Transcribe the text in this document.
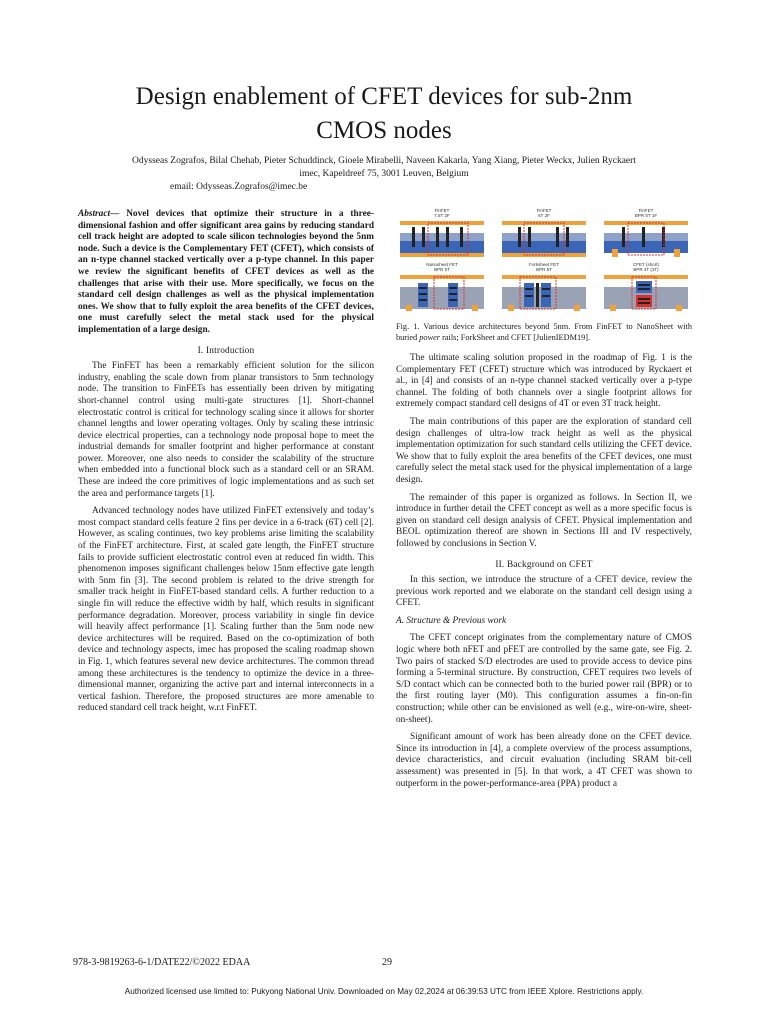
Design enablement of CFET devices for sub-2nm
CMOS nodes
Odysseas Zografos, Bilal Chehab, Pieter Schuddinck, Gioele Mirabelli, Naveen Kakarla, Yang Xiang, Pieter Weckx, Julien Ryckaert
imec, Kapeldreef 75, 3001 Leuven, Belgium
email: Odysseas.Zografos@imec.be
Abstract— Novel devices that optimize their structure in a three-dimensional fashion and offer significant area gains by reducing standard cell track height are adopted to scale silicon technologies beyond the 5nm node. Such a device is the Complementary FET (CFET), which consists of an n-type channel stacked vertically over a p-type channel. In this paper we review the significant benefits of CFET devices as well as the challenges that arise with their use. More specifically, we focus on the standard cell design challenges as well as the physical implementation ones. We show that to fully exploit the area benefits of the CFET devices, one must carefully select the metal stack used for the physical implementation of a large design.
I. Introduction

The FinFET has been a remarkably efficient solution for the silicon industry, enabling the scale down from planar transistors to 5nm technology node. The transition to FinFETs has essentially been driven by mitigating short-channel control using multi-gate structures [1]. Short-channel electrostatic control is critical for technology scaling since it allows for shorter channel lengths and lower operating voltages. Only by scaling these intrinsic device electrical properties, can a technology node proposal hope to meet the industrial demands for smaller footprint and higher performance at constant power. Moreover, one also needs to consider the scalability of the structure when embedded into a functional block such as a standard cell or an SRAM. These are indeed the core primitives of logic implementations and as such set the area and performance targets [1].

Advanced technology nodes have utilized FinFET extensively and today’s most compact standard cells feature 2 fins per device in a 6-track (6T) cell [2]. However, as scaling continues, two key problems arise limiting the scalability of the FinFET architecture. First, at scaled gate length, the FinFET structure fails to provide sufficient electrostatic control even at reduced fin width. This phenomenon imposes significant challenges below 15nm effective gate length with 5nm fin [3]. The second problem is related to the drive strength for smaller track height in FinFET-based standard cells. A further reduction to a single fin will reduce the effective width by half, which results in significant performance degradation. Moreover, process variability in single fin device will heavily affect performance [1]. Scaling further than the 5nm node new device architectures will be required. Based on the co-optimization of both device and technology aspects, imec has proposed the scaling roadmap shown in Fig. 1, which features several new device architectures. The common thread among these architectures is the tendency to optimize the device in a three-dimensional manner, organizing the active part and internal interconnects in a vertical fashion. Therefore, the proposed structures are more amenable to reduced standard cell track height, w.r.t FinFET.

FinFET
7.5T 2F
FinFET
6T 2F
FinFET
BPR 5T 1F
Nanosheet FET
BPR 5T
Forksheet FET
BPR 5T
CFET (short)
BPR 4T (3T)
Fig. 1. Various device architectures beyond 5nm. From FinFET to NanoSheet with buried power rails; ForkSheet and CFET [JulienIEDM19].

The ultimate scaling solution proposed in the roadmap of Fig. 1 is the Complementary FET (CFET) structure which was introduced by Ryckaert et al., in [4] and consists of an n-type channel stacked vertically over a p-type channel. The folding of both channels over a single footprint allows for extremely compact standard cell designs of 4T or even 3T track height.

The main contributions of this paper are the exploration of standard cell design challenges of ultra-low track height as well as the physical implementation optimization for such standard cells utilizing the CFET device. We show that to fully exploit the area benefits of the CFET devices, one must carefully select the metal stack used for the physical implementation of a large design.

The remainder of this paper is organized as follows. In Section II, we introduce in further detail the CFET concept as well as a more specific focus is given on standard cell design analysis of CFET. Physical implementation and BEOL optimization thereof are shown in Sections III and IV respectively, followed by conclusions in Section V.

II. Background on CFET

In this section, we introduce the structure of a CFET device, review the previous work reported and we elaborate on the standard cell design using a CFET.

A. Structure & Previous work

The CFET concept originates from the complementary nature of CMOS logic where both nFET and pFET are controlled by the same gate, see Fig. 2. Two pairs of stacked S/D electrodes are used to provide access to device pins forming a 5-terminal structure. By construction, CFET requires two levels of S/D contact which can be connected both to the buried power rail (BPR) or to the first routing layer (M0). This configuration assumes a fin-on-fin construction; while other can be envisioned as well (e.g., wire-on-wire, sheet-on-sheet).

Significant amount of work has been already done on the CFET device. Since its introduction in [4], a complete overview of the process assumptions, device characteristics, and circuit evaluation (including SRAM bit-cell assessment) was presented in [5]. In that work, a 4T CFET was shown to outperform in the power-performance-area (PPA) product a

978-3-9819263-6-1/DATE22/©2022 EDAA	29
Authorized licensed use limited to: Pukyong National Univ. Downloaded on May 02,2024 at 06:39:53 UTC from IEEE Xplore. Restrictions apply.
